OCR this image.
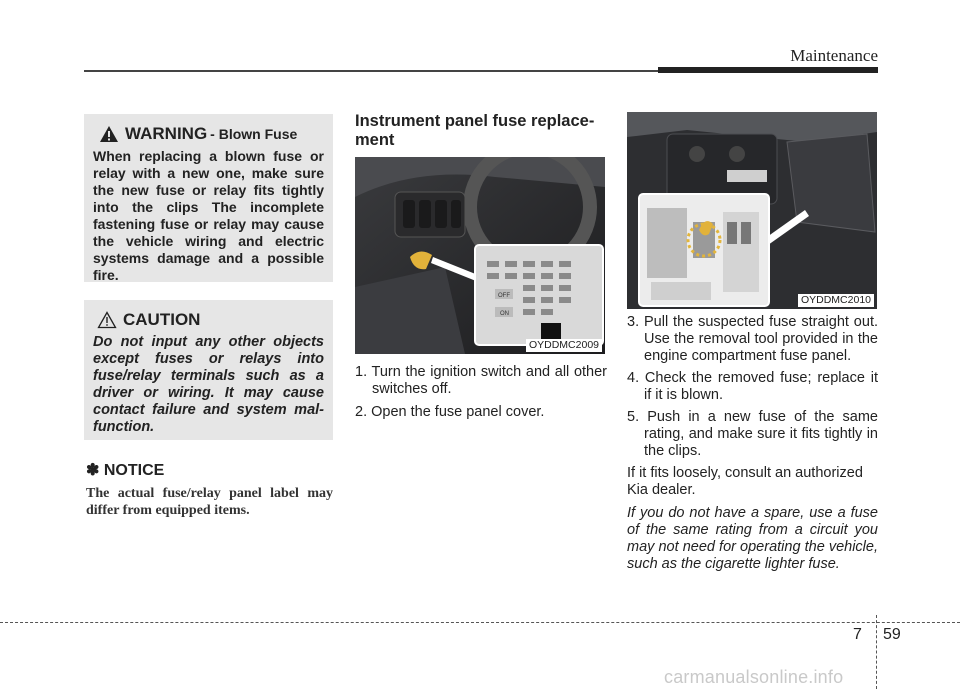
Maintenance
WARNING - Blown Fuse
When replacing a blown fuse or relay with a new one, make sure the new fuse or relay fits tightly into the clips The incomplete fastening fuse or relay may cause the vehicle wiring and electric systems damage and a possible fire.
CAUTION
Do not input any other objects except fuses or relays into fuse/relay terminals such as a driver or wiring. It may cause contact failure and system mal-function.
✽ NOTICE
The actual fuse/relay panel label may differ from equipped items.
Instrument panel fuse replace-ment
OFF
ON
OYDDMC2009

1. Turn the ignition switch and all other switches off.

2. Open the fuse panel cover.

OYDDMC2010

3. Pull the suspected fuse straight out. Use the removal tool provided in the engine compartment fuse panel.

4. Check the removed fuse; replace it if it is blown.

5. Push in a new fuse of the same rating, and make sure it fits tightly in the clips.

If it fits loosely, consult an authorized Kia dealer.

If you do not have a spare, use a fuse of the same rating from a circuit you may not need for operating the vehicle, such as the cigarette lighter fuse.

7 59
carmanualsonline.info
